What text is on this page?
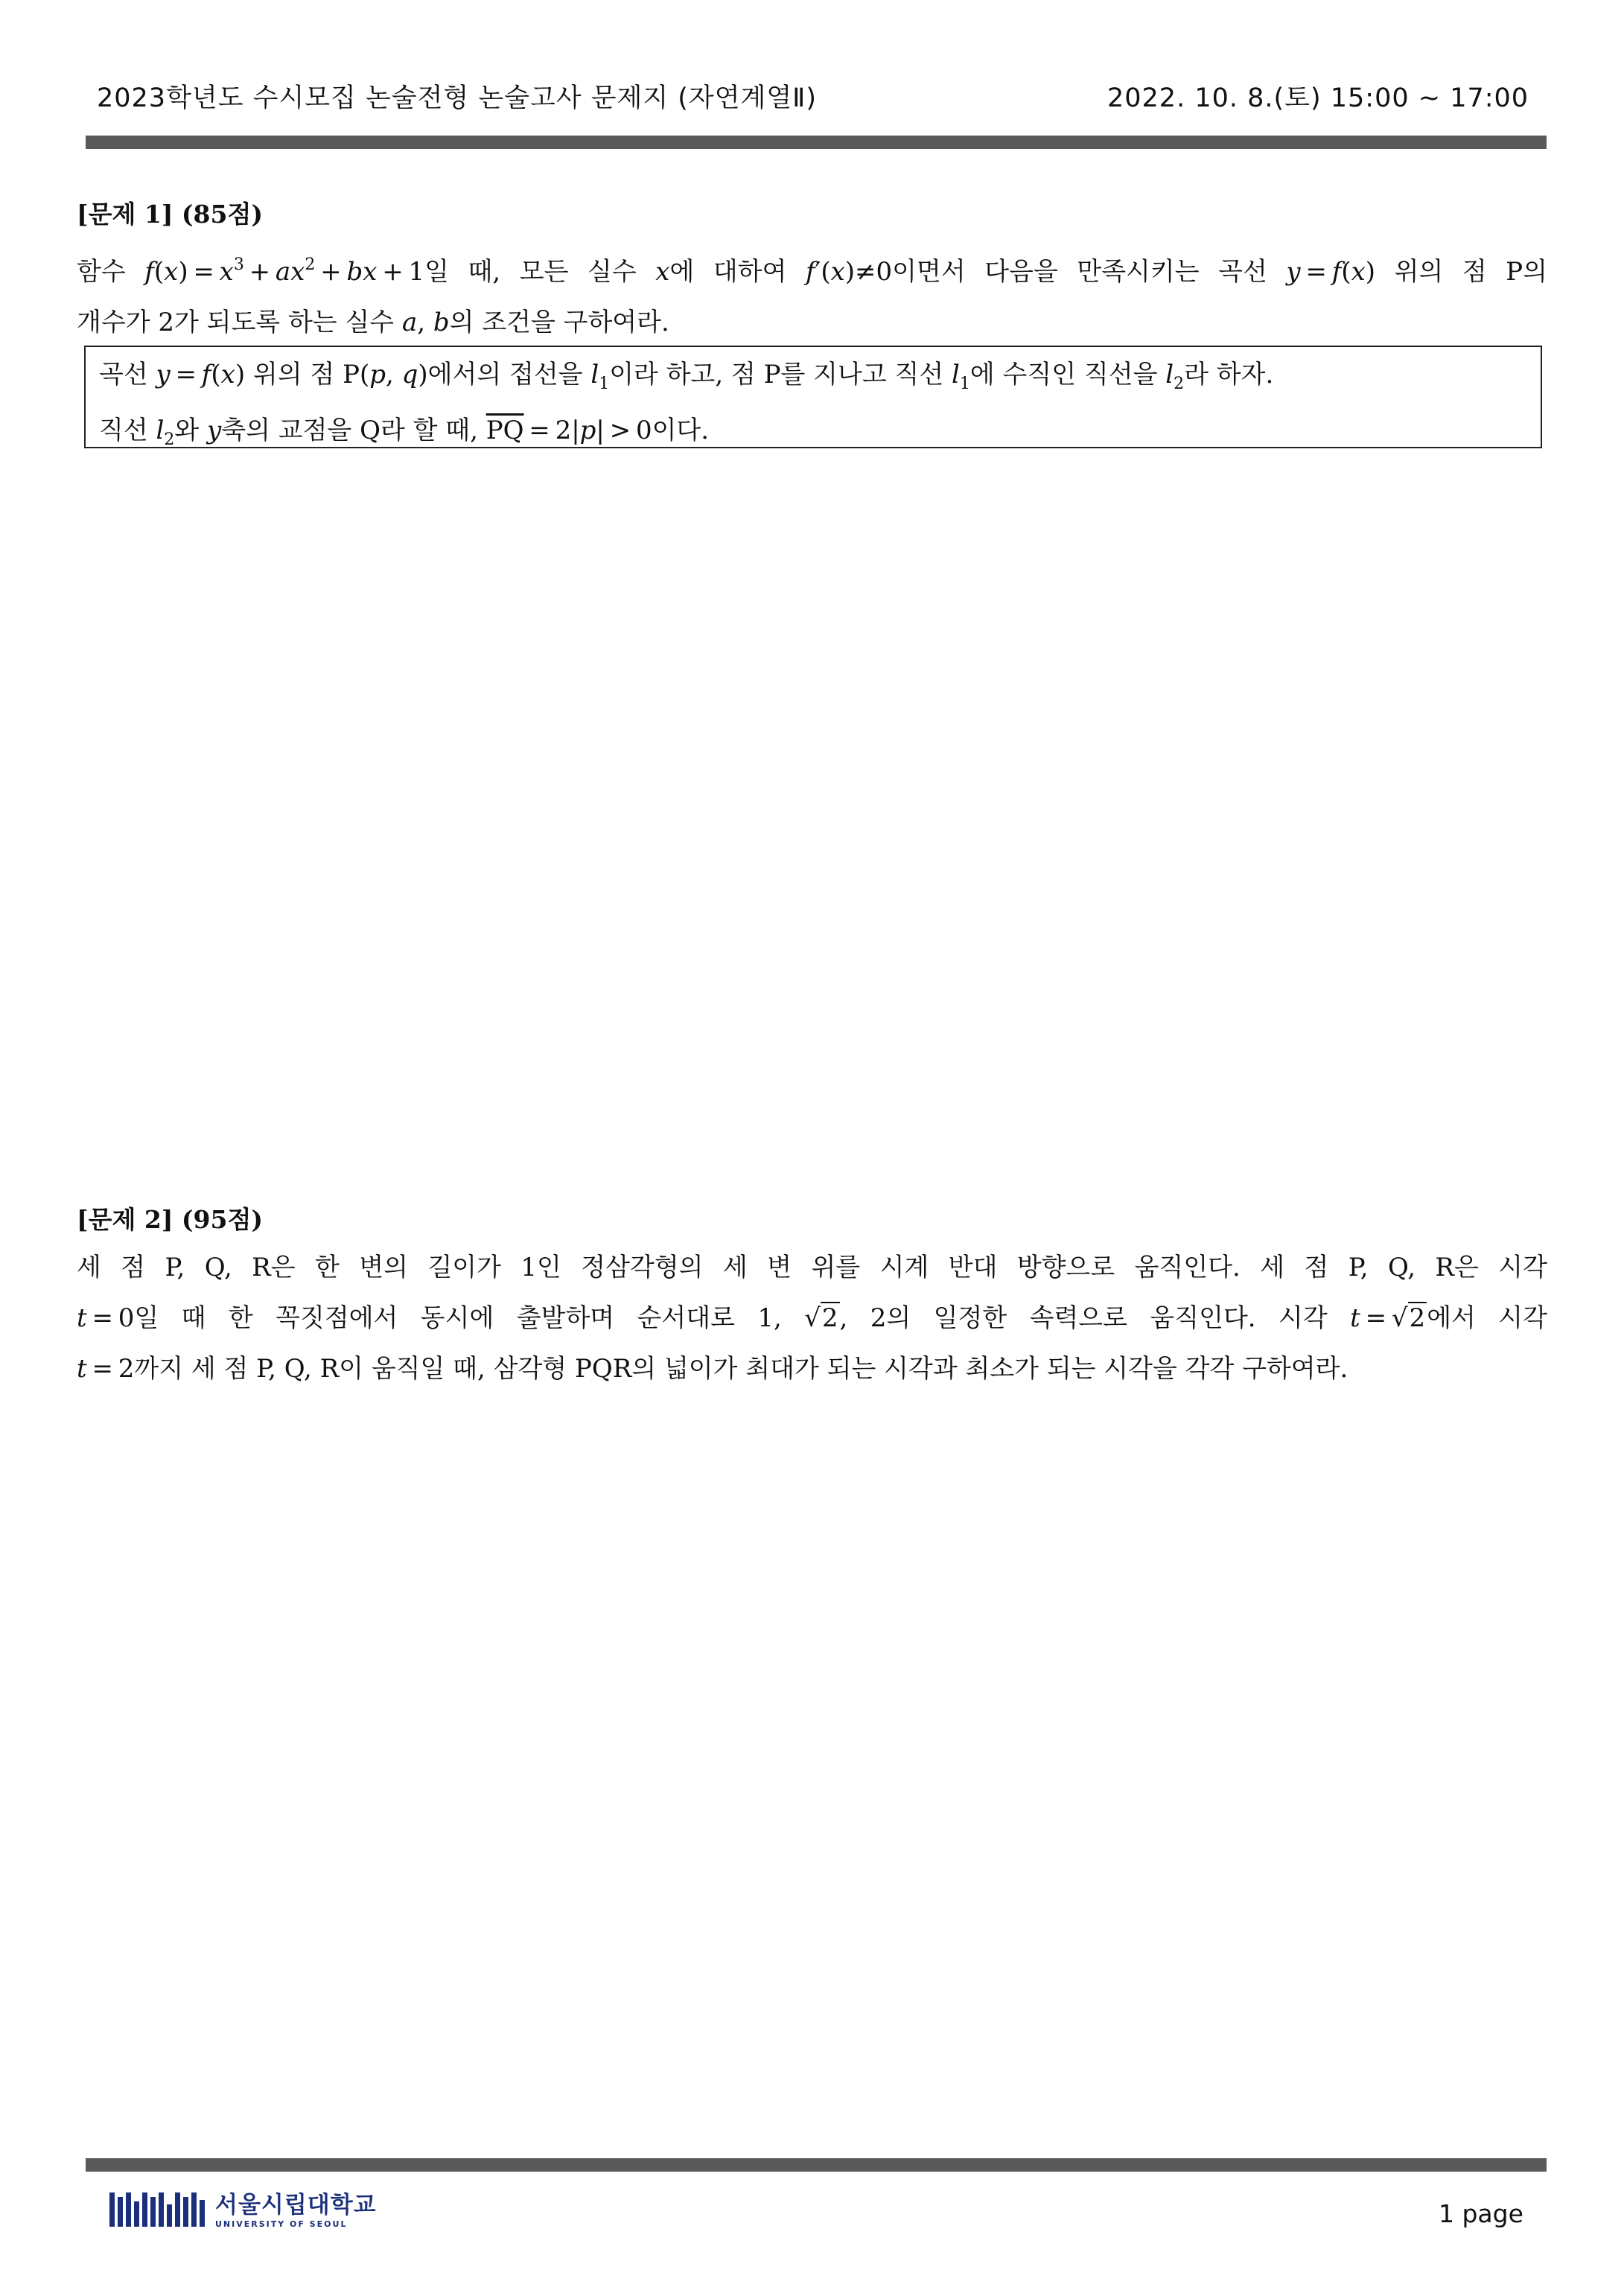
2023학년도 수시모집 논술전형 논술고사 문제지 (자연계열Ⅱ)	2022. 10. 8.(토) 15:00 ~ 17:00
[문제 1] (85점)
함수 $f(x) = x^3 + ax^2$ + bx + 1일 때, 모든 실수 x에 대하여 f′(x)≠0이면서 다음을 만족시키는 곡선 y = f(x) 위의 점 P의
개수가 2가 되도록 하는 실수 a, b의 조건을 구하여라.
곡선 y = f(x) 위의 점 P(p, q)에서의 접선을 $l_1$이라 하고, 점 P를 지나고 직선 $l_1$에 수직인 직선을 $l_2$라 하자.
직선 $l_2$와 y축의 교점을 Q라 할 때, $\overline{PQ} = 2|p| > 0$이다.
[문제 2] (95점)
세 점 P, Q, R은 한 변의 길이가 1인 정삼각형의 세 변 위를 시계 반대 방향으로 움직인다. 세 점 P, Q, R은 시각
t = 0일 때 한 꼭짓점에서 동시에 출발하며 순서대로 1, √2, 2의 일정한 속력으로 움직인다. 시각 t = √2에서 시각
t = 2까지 세 점 P, Q, R이 움직일 때, 삼각형 PQR의 넓이가 최대가 되는 시각과 최소가 되는 시각을 각각 구하여라.
서울시립대학교
UNIVERSITY OF SEOUL	1 page
